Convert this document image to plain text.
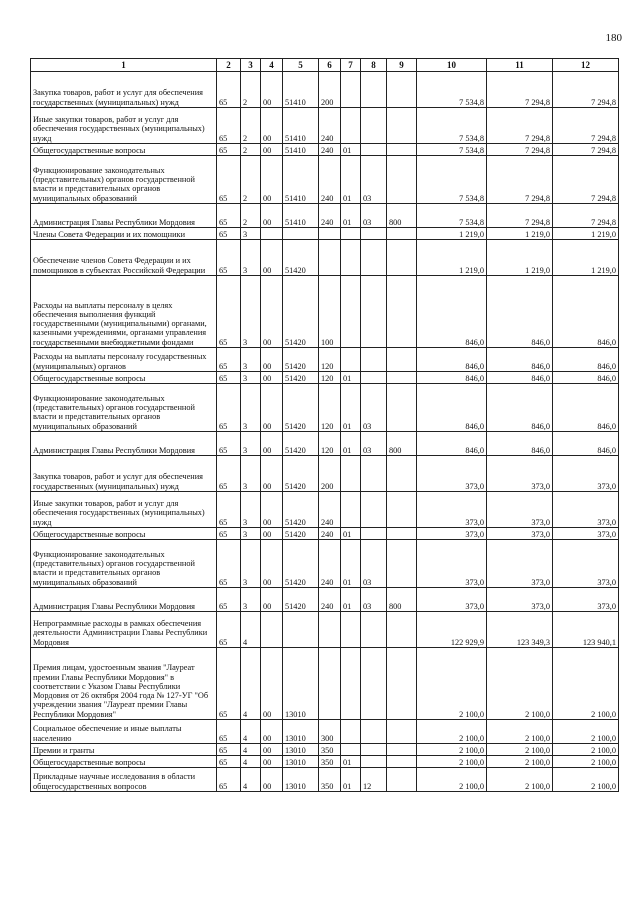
180
1	2	3	4	5	6	7	8	9	10	11	12
Закупка товаров, работ и услуг для обеспечения государственных (муниципальных) нужд	65	2	00	51410	200				7 534,8	7 294,8	7 294,8
Иные закупки товаров, работ и услуг для обеспечения государственных (муниципальных) нужд	65	2	00	51410	240				7 534,8	7 294,8	7 294,8
Общегосударственные вопросы	65	2	00	51410	240	01			7 534,8	7 294,8	7 294,8
Функционирование законодательных (представительных) органов государственной власти и представительных органов муниципальных образований	65	2	00	51410	240	01	03		7 534,8	7 294,8	7 294,8
Администрация Главы Республики Мордовия	65	2	00	51410	240	01	03	800	7 534,8	7 294,8	7 294,8
Члены Совета Федерации и их помощники	65	3							1 219,0	1 219,0	1 219,0
Обеспечение членов Совета Федерации и их помощников в субъектах Российской Федерации	65	3	00	51420					1 219,0	1 219,0	1 219,0
Расходы на выплаты персоналу в целях обеспечения выполнения функций государственными (муниципальными) органами, казенными учреждениями, органами управления государственными внебюджетными фондами	65	3	00	51420	100				846,0	846,0	846,0
Расходы на выплаты персоналу государственных (муниципальных) органов	65	3	00	51420	120				846,0	846,0	846,0
Общегосударственные вопросы	65	3	00	51420	120	01			846,0	846,0	846,0
Функционирование законодательных (представительных) органов государственной власти и представительных органов муниципальных образований	65	3	00	51420	120	01	03		846,0	846,0	846,0
Администрация Главы Республики Мордовия	65	3	00	51420	120	01	03	800	846,0	846,0	846,0
Закупка товаров, работ и услуг для обеспечения государственных (муниципальных) нужд	65	3	00	51420	200				373,0	373,0	373,0
Иные закупки товаров, работ и услуг для обеспечения государственных (муниципальных) нужд	65	3	00	51420	240				373,0	373,0	373,0
Общегосударственные вопросы	65	3	00	51420	240	01			373,0	373,0	373,0
Функционирование законодательных (представительных) органов государственной власти и представительных органов муниципальных образований	65	3	00	51420	240	01	03		373,0	373,0	373,0
Администрация Главы Республики Мордовия	65	3	00	51420	240	01	03	800	373,0	373,0	373,0
Непрограммные расходы в рамках обеспечения деятельности Администрации Главы Республики Мордовия	65	4							122 929,9	123 349,3	123 940,1
Премия лицам, удостоенным звания "Лауреат премии Главы Республики Мордовия" в соответствии с Указом Главы Республики Мордовия от 26 октября 2004 года № 127-УГ "Об учреждении звания "Лауреат премии Главы Республики Мордовия"	65	4	00	13010					2 100,0	2 100,0	2 100,0
Социальное обеспечение и иные выплаты населению	65	4	00	13010	300				2 100,0	2 100,0	2 100,0
Премии и гранты	65	4	00	13010	350				2 100,0	2 100,0	2 100,0
Общегосударственные вопросы	65	4	00	13010	350	01			2 100,0	2 100,0	2 100,0
Прикладные научные исследования в области общегосударственных вопросов	65	4	00	13010	350	01	12		2 100,0	2 100,0	2 100,0
